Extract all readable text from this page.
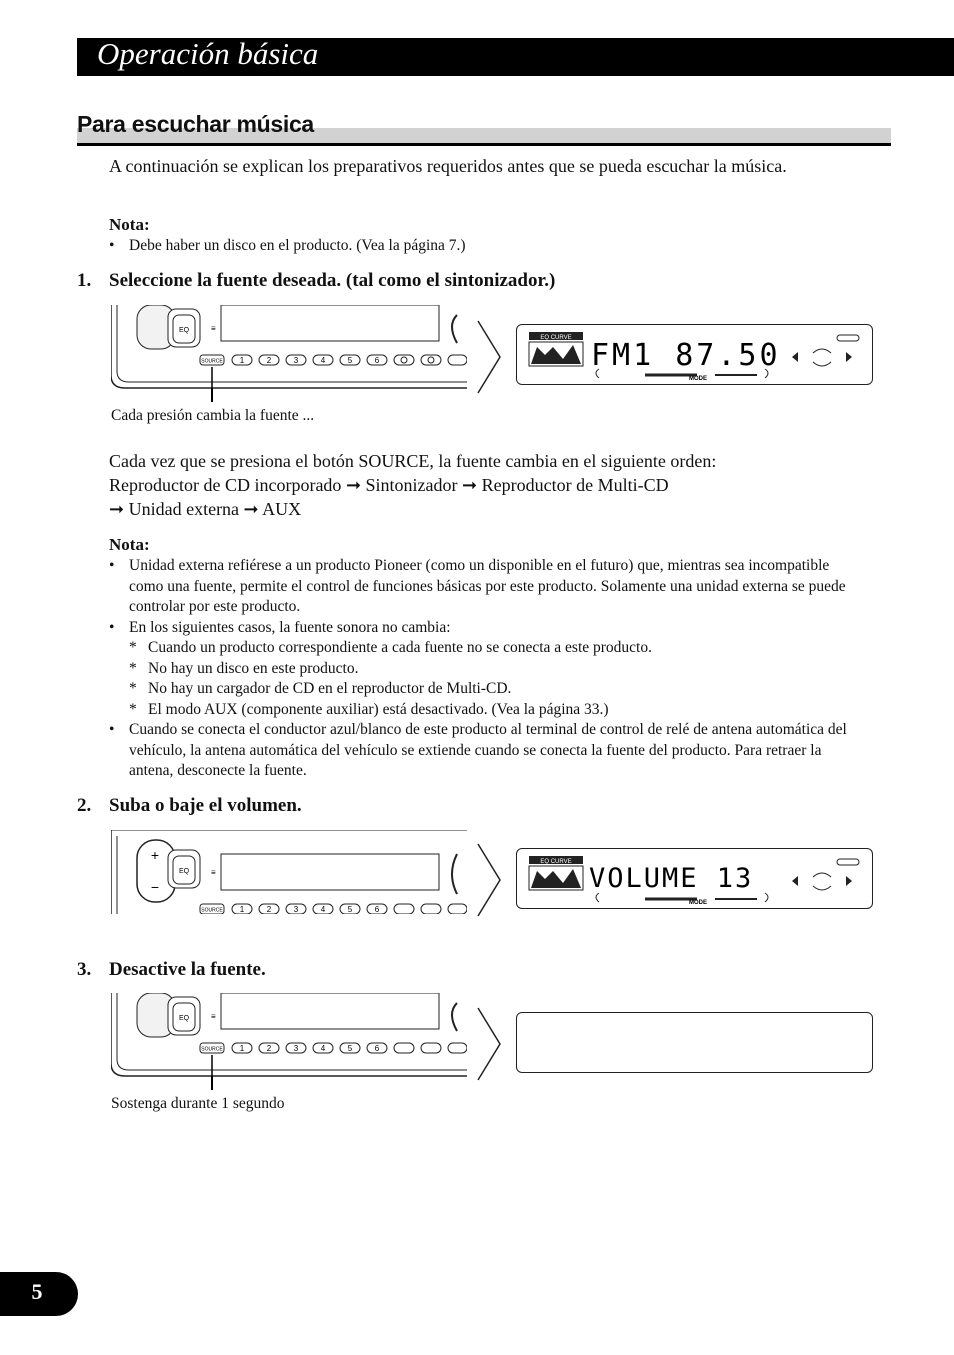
Operación básica
Para escuchar música
A continuación se explican los preparativos requeridos antes que se pueda escuchar la música.
Nota:
• Debe haber un disco en el producto. (Vea la página 7.)
1. Seleccione la fuente deseada. (tal como el sintonizador.)
EQ	≡
1	2	3	4	5	6
SOURCE
Cada presión cambia la fuente ...
EQ CURVE FM1 87.50
MODE
Cada vez que se presiona el botón SOURCE, la fuente cambia en el siguiente orden:
Reproductor de CD incorporado ➞ Sintonizador ➞ Reproductor de Multi-CD
➞ Unidad externa ➞ AUX
Nota:
• Unidad externa refiérese a un producto Pioneer (como un disponible en el futuro) que, mientras sea incompatible como una fuente, permite el control de funciones básicas por este producto. Solamente una unidad externa se puede controlar por este producto.
• En los siguientes casos, la fuente sonora no cambia:
* Cuando un producto correspondiente a cada fuente no se conecta a este producto.
* No hay un disco en este producto.
* No hay un cargador de CD en el reproductor de Multi-CD.
* El modo AUX (componente auxiliar) está desactivado. (Vea la página 33.)
• Cuando se conecta el conductor azul/blanco de este producto al terminal de control de relé de antena automática del vehículo, la antena automática del vehículo se extiende cuando se conecta la fuente del producto. Para retraer la antena, desconecte la fuente.
2. Suba o baje el volumen.
+
−
EQ	≡
SOURCE 1	2	3	4	5	6
EQ CURVE
VOLUME 13
MODE
3. Desactive la fuente.
EQ	≡
SOURCE 1	2	3	4	5	6
Sostenga durante 1 segundo
5
